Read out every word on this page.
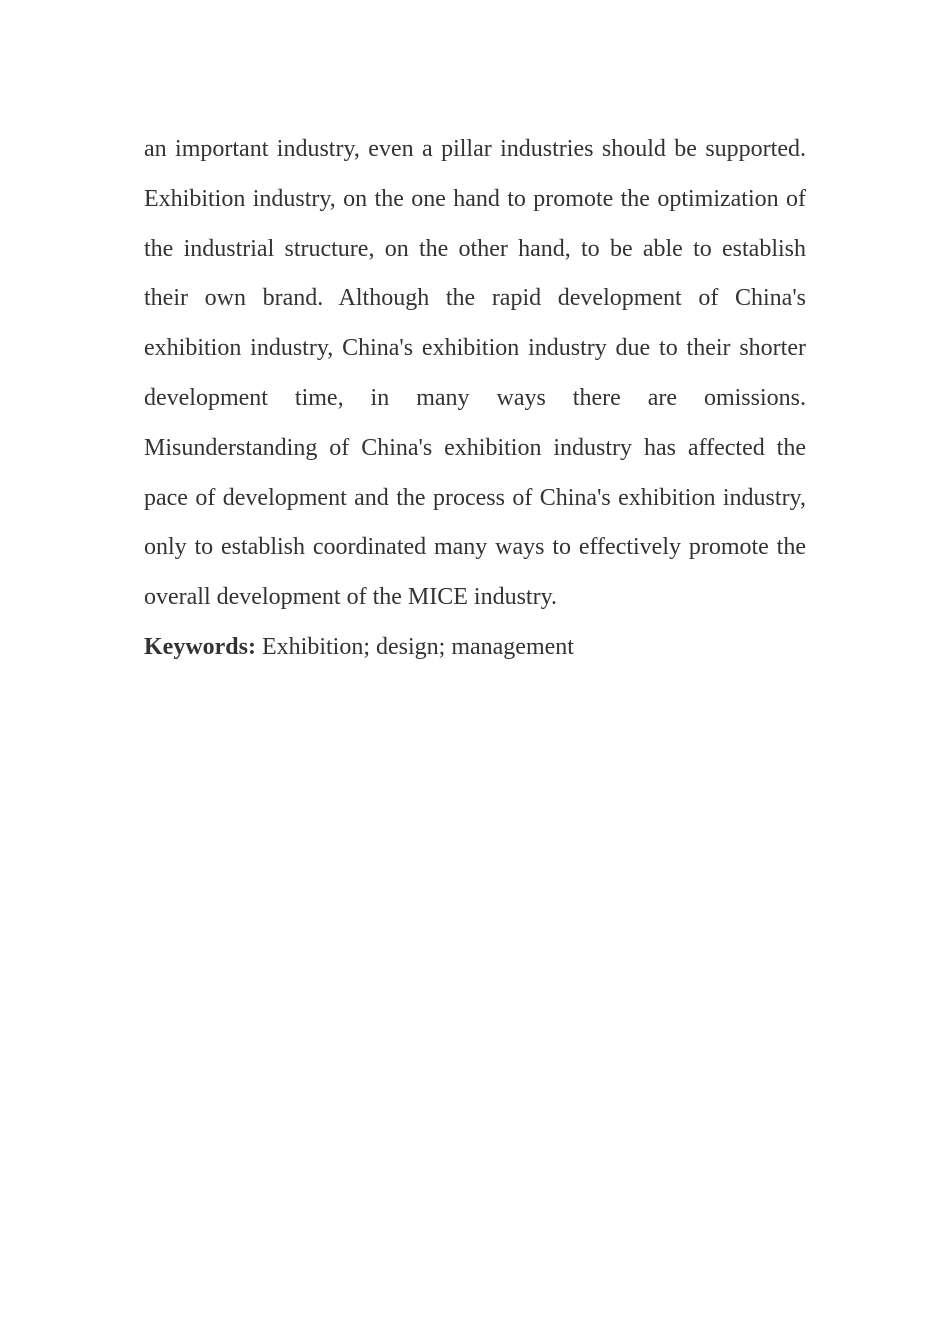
an important industry, even a pillar industries should be supported. Exhibition industry, on the one hand to promote the optimization of the industrial structure, on the other hand, to be able to establish their own brand. Although the rapid development of China's exhibition industry, China's exhibition industry due to their shorter development time, in many ways there are omissions. Misunderstanding of China's exhibition industry has affected the pace of development and the process of China's exhibition industry, only to establish coordinated many ways to effectively promote the overall development of the MICE industry.

Keywords: Exhibition; design; management
